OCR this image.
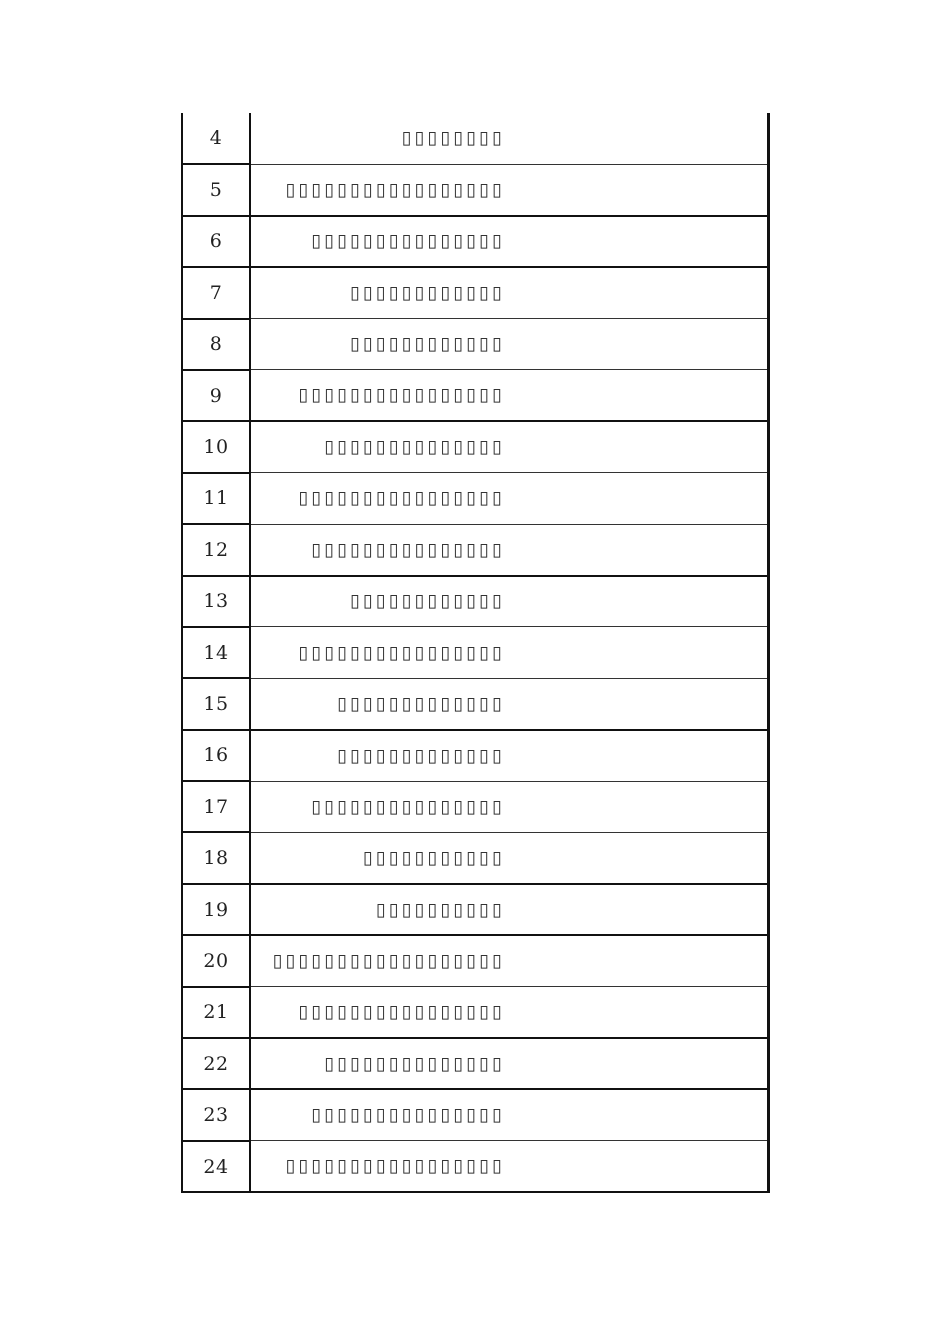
4	▯▯▯▯▯▯▯▯

5	▯▯▯▯▯▯▯▯▯▯▯▯▯▯▯▯▯

6	▯▯▯▯▯▯▯▯▯▯▯▯▯▯▯

7	▯▯▯▯▯▯▯▯▯▯▯▯

8	▯▯▯▯▯▯▯▯▯▯▯▯

9	▯▯▯▯▯▯▯▯▯▯▯▯▯▯▯▯

10	▯▯▯▯▯▯▯▯▯▯▯▯▯▯

11	▯▯▯▯▯▯▯▯▯▯▯▯▯▯▯▯

12	▯▯▯▯▯▯▯▯▯▯▯▯▯▯▯

13	▯▯▯▯▯▯▯▯▯▯▯▯

14	▯▯▯▯▯▯▯▯▯▯▯▯▯▯▯▯

15	▯▯▯▯▯▯▯▯▯▯▯▯▯

16	▯▯▯▯▯▯▯▯▯▯▯▯▯

17	▯▯▯▯▯▯▯▯▯▯▯▯▯▯▯

18	▯▯▯▯▯▯▯▯▯▯▯

19	▯▯▯▯▯▯▯▯▯▯

20	▯▯▯▯▯▯▯▯▯▯▯▯▯▯▯▯▯▯

21	▯▯▯▯▯▯▯▯▯▯▯▯▯▯▯▯

22	▯▯▯▯▯▯▯▯▯▯▯▯▯▯

23	▯▯▯▯▯▯▯▯▯▯▯▯▯▯▯

24	▯▯▯▯▯▯▯▯▯▯▯▯▯▯▯▯▯
